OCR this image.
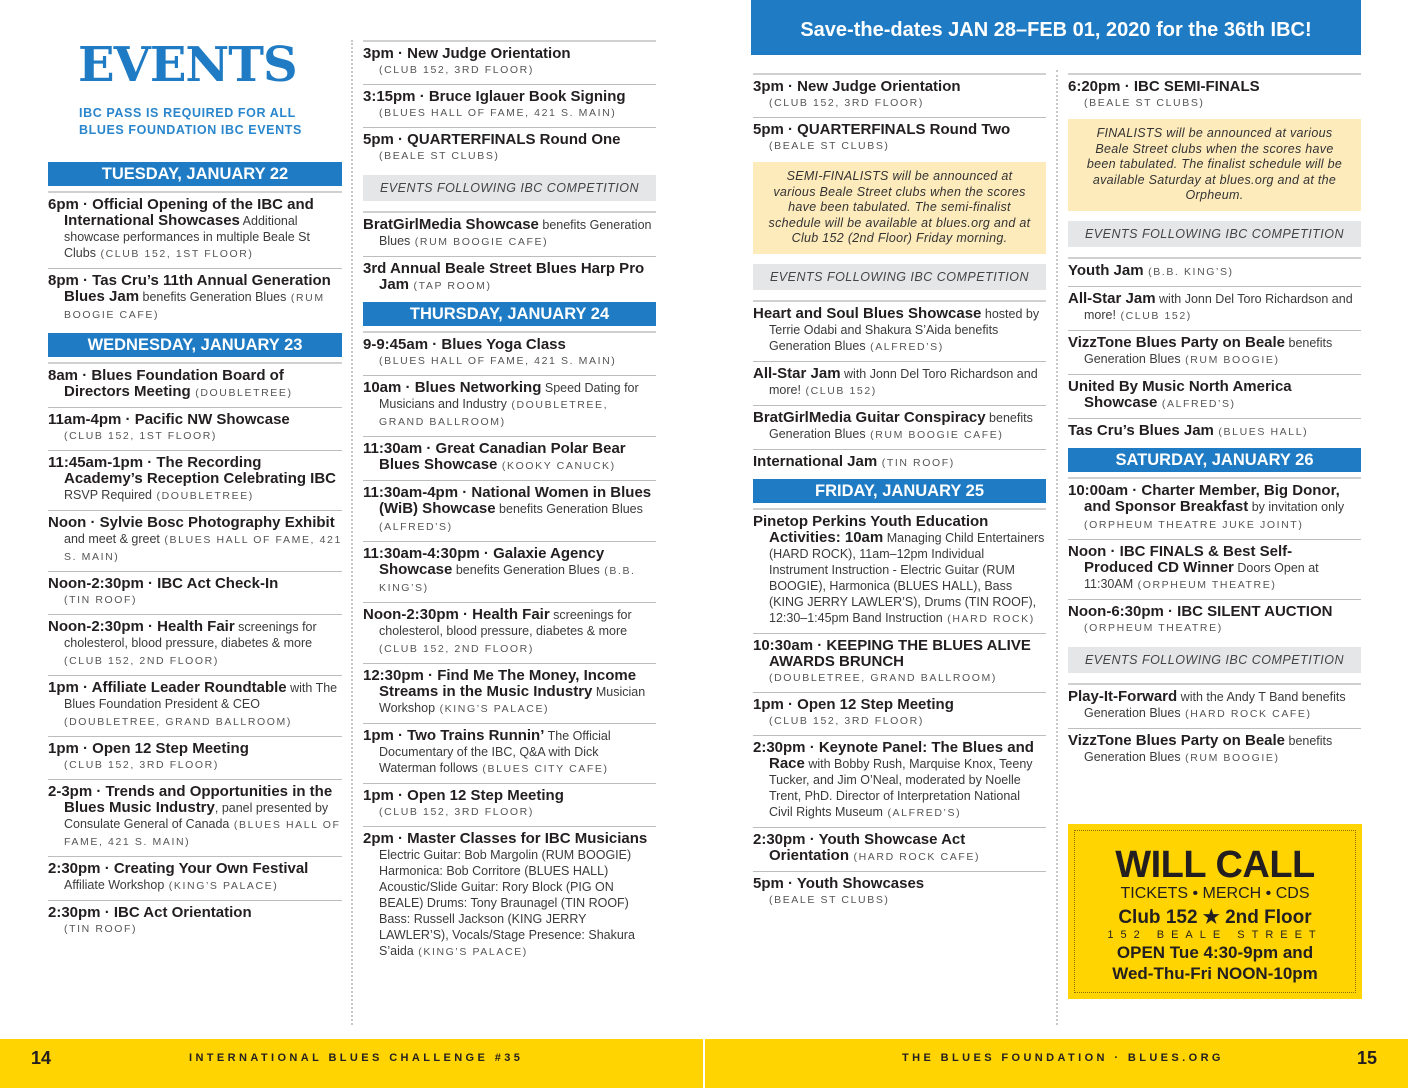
EVENTS
IBC PASS IS REQUIRED FOR ALL
BLUES FOUNDATION IBC EVENTS
Save-the-dates JAN 28–FEB 01, 2020 for the 36th IBC!
TUESDAY, JANUARY 22
6pm · Official Opening of the IBC and International Showcases Additional showcase performances in multiple Beale St Clubs (CLUB 152, 1ST FLOOR)
8pm · Tas Cru’s 11th Annual Generation Blues Jam benefits Generation Blues (RUM BOOGIE CAFE)
WEDNESDAY, JANUARY 23
8am · Blues Foundation Board of Directors Meeting (DOUBLETREE)
11am-4pm · Pacific NW Showcase
(CLUB 152, 1ST FLOOR)
11:45am-1pm · The Recording Academy’s Reception Celebrating IBC RSVP Required (DOUBLETREE)
Noon · Sylvie Bosc Photography Exhibit and meet & greet (BLUES HALL OF FAME, 421 S. MAIN)
Noon-2:30pm · IBC Act Check-In
(TIN ROOF)
Noon-2:30pm · Health Fair screenings for cholesterol, blood pressure, diabetes & more (CLUB 152, 2ND FLOOR)
1pm · Affiliate Leader Roundtable with The Blues Foundation President & CEO (DOUBLETREE, GRAND BALLROOM)
1pm · Open 12 Step Meeting
(CLUB 152, 3RD FLOOR)
2-3pm · Trends and Opportunities in the Blues Music Industry, panel presented by Consulate General of Canada (BLUES HALL OF FAME, 421 S. MAIN)
2:30pm · Creating Your Own Festival Affiliate Workshop (KING’S PALACE)
2:30pm · IBC Act Orientation
(TIN ROOF)
3pm · New Judge Orientation
(CLUB 152, 3RD FLOOR)
3:15pm · Bruce Iglauer Book Signing
(BLUES HALL OF FAME, 421 S. MAIN)
5pm · QUARTERFINALS Round One
(BEALE ST CLUBS)
EVENTS FOLLOWING IBC COMPETITION
BratGirlMedia Showcase benefits Generation Blues (RUM BOOGIE CAFE)
3rd Annual Beale Street Blues Harp Pro Jam (TAP ROOM)
THURSDAY, JANUARY 24
9-9:45am · Blues Yoga Class
(BLUES HALL OF FAME, 421 S. MAIN)
10am · Blues Networking Speed Dating for Musicians and Industry (DOUBLETREE, GRAND BALLROOM)
11:30am · Great Canadian Polar Bear Blues Showcase (KOOKY CANUCK)
11:30am-4pm · National Women in Blues (WiB) Showcase benefits Generation Blues (ALFRED’S)
11:30am-4:30pm · Galaxie Agency Showcase benefits Generation Blues (B.B. KING’S)
Noon-2:30pm · Health Fair screenings for cholesterol, blood pressure, diabetes & more (CLUB 152, 2ND FLOOR)
12:30pm · Find Me The Money, Income Streams in the Music Industry Musician Workshop (KING’S PALACE)
1pm · Two Trains Runnin’ The Official Documentary of the IBC, Q&A with Dick Waterman follows (BLUES CITY CAFE)
1pm · Open 12 Step Meeting
(CLUB 152, 3RD FLOOR)
2pm · Master Classes for IBC Musicians Electric Guitar: Bob Margolin (RUM BOOGIE) Harmonica: Bob Corritore (BLUES HALL) Acoustic/Slide Guitar: Rory Block (PIG ON BEALE) Drums: Tony Braunagel (TIN ROOF) Bass: Russell Jackson (KING JERRY LAWLER’S), Vocals/Stage Presence: Shakura S’aida (KING’S PALACE)
3pm · New Judge Orientation
(CLUB 152, 3RD FLOOR)
5pm · QUARTERFINALS Round Two
(BEALE ST CLUBS)
SEMI-FINALISTS will be announced at various Beale Street clubs when the scores have been tabulated. The semi-finalist schedule will be available at blues.org and at Club 152 (2nd Floor) Friday morning.
EVENTS FOLLOWING IBC COMPETITION
Heart and Soul Blues Showcase hosted by Terrie Odabi and Shakura S’Aida benefits Generation Blues (ALFRED’S)
All-Star Jam with Jonn Del Toro Richardson and more! (CLUB 152)
BratGirlMedia Guitar Conspiracy benefits Generation Blues (RUM BOOGIE CAFE)
International Jam (TIN ROOF)
FRIDAY, JANUARY 25
Pinetop Perkins Youth Education Activities: 10am Managing Child Entertainers (HARD ROCK), 11am–12pm Individual Instrument Instruction - Electric Guitar (RUM BOOGIE), Harmonica (BLUES HALL), Bass (KING JERRY LAWLER’S), Drums (TIN ROOF), 12:30–1:45pm Band Instruction (HARD ROCK)
10:30am · KEEPING THE BLUES ALIVE AWARDS BRUNCH
(DOUBLETREE, GRAND BALLROOM)
1pm · Open 12 Step Meeting
(CLUB 152, 3RD FLOOR)
2:30pm · Keynote Panel: The Blues and Race with Bobby Rush, Marquise Knox, Teeny Tucker, and Jim O’Neal, moderated by Noelle Trent, PhD. Director of Interpretation National Civil Rights Museum (ALFRED’S)
2:30pm · Youth Showcase Act Orientation (HARD ROCK CAFE)
5pm · Youth Showcases
(BEALE ST CLUBS)
6:20pm · IBC SEMI-FINALS
(BEALE ST CLUBS)
FINALISTS will be announced at various Beale Street clubs when the scores have been tabulated. The finalist schedule will be available Saturday at blues.org and at the Orpheum.
EVENTS FOLLOWING IBC COMPETITION
Youth Jam (B.B. KING’S)
All-Star Jam with Jonn Del Toro Richardson and more! (CLUB 152)
VizzTone Blues Party on Beale benefits Generation Blues (RUM BOOGIE)
United By Music North America Showcase (ALFRED’S)
Tas Cru’s Blues Jam (BLUES HALL)
SATURDAY, JANUARY 26
10:00am · Charter Member, Big Donor, and Sponsor Breakfast by invitation only (ORPHEUM THEATRE JUKE JOINT)
Noon · IBC FINALS & Best Self-Produced CD Winner Doors Open at 11:30AM (ORPHEUM THEATRE)
Noon-6:30pm · IBC SILENT AUCTION
(ORPHEUM THEATRE)
EVENTS FOLLOWING IBC COMPETITION
Play-It-Forward with the Andy T Band benefits Generation Blues (HARD ROCK CAFE)
VizzTone Blues Party on Beale benefits Generation Blues (RUM BOOGIE)
WILL CALL
TICKETS • MERCH • CDS
Club 152 ★ 2nd Floor
152 BEALE STREET
OPEN Tue 4:30-9pm and
Wed-Thu-Fri NOON-10pm
14	INTERNATIONAL BLUES CHALLENGE #35	THE BLUES FOUNDATION · BLUES.ORG	15
